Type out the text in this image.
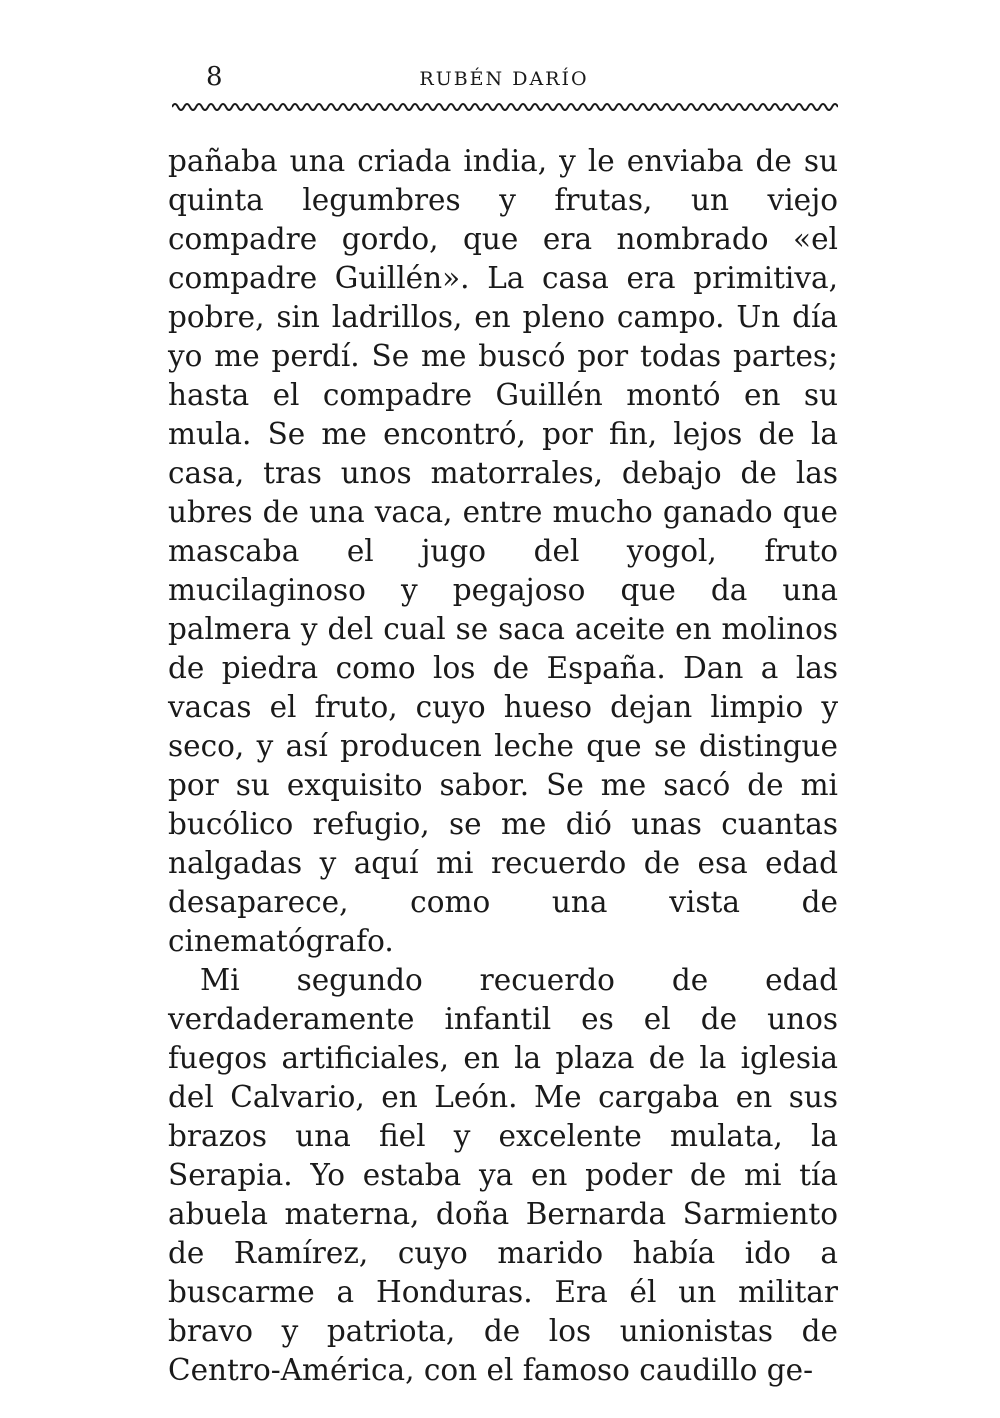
8	RUBÉN DARÍO

pañaba una criada india, y le enviaba de su quinta legumbres y frutas, un viejo compadre gordo, que era nombrado «el compadre Guillén». La casa era primitiva, pobre, sin ladrillos, en pleno campo. Un día yo me perdí. Se me buscó por todas partes; hasta el compadre Guillén montó en su mula. Se me encontró, por fin, lejos de la casa, tras unos matorrales, debajo de las ubres de una vaca, entre mucho ganado que mascaba el jugo del yogol, fruto mucilaginoso y pegajoso que da una palmera y del cual se saca aceite en molinos de piedra como los de España. Dan a las vacas el fruto, cuyo hueso dejan limpio y seco, y así producen leche que se distingue por su exquisito sabor. Se me sacó de mi bucólico refugio, se me dió unas cuantas nalgadas y aquí mi recuerdo de esa edad desaparece, como una vista de cinematógrafo.

Mi segundo recuerdo de edad verdaderamente infantil es el de unos fuegos artificiales, en la plaza de la iglesia del Calvario, en León. Me cargaba en sus brazos una fiel y excelente mulata, la Serapia. Yo estaba ya en poder de mi tía abuela materna, doña Bernarda Sarmiento de Ramírez, cuyo marido había ido a buscarme a Honduras. Era él un militar bravo y patriota, de los unionistas de Centro-América, con el famoso caudillo ge-
